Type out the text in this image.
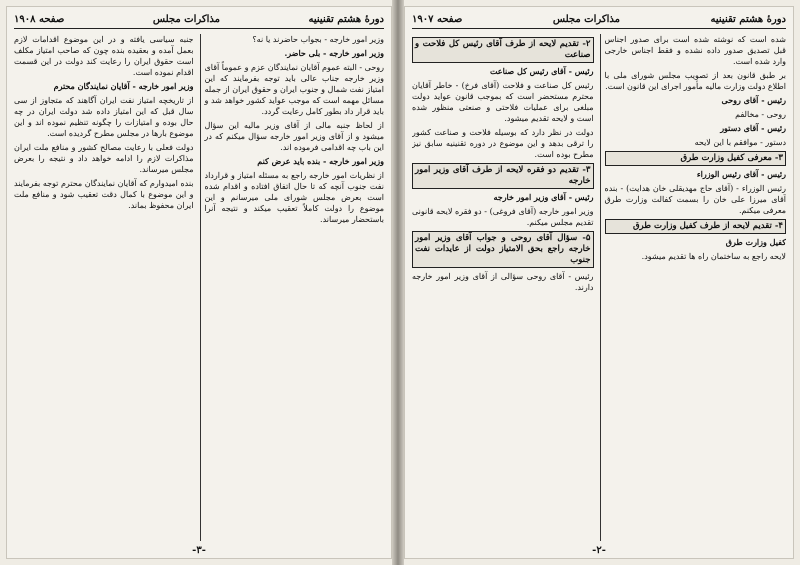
دورهٔ هشتم تقنینیه
مذاکرات مجلس
صفحه ۱۹۰۸

وزیر امور خارجه - بجواب حاضرند یا نه؟

وزیر امور خارجه - بلی حاضر.

روحی - البته عموم آقایان نمایندگان عزم و عموماً آقای وزیر خارجه جناب عالی باید توجه بفرمایند که این امتیاز نفت شمال و جنوب ایران و حقوق ایران از جمله مسائل مهمه است که موجب عواید کشور خواهد شد و باید قرار داد بطور کامل رعایت گردد.

از لحاظ جنبه مالی از آقای وزیر مالیه این سؤال میشود و از آقای وزیر امور خارجه سؤال میکنم که در این باب چه اقدامی فرموده اند.

وزیر امور خارجه - بنده باید عرض کنم

از نظریات امور خارجه راجع به مسئله امتیاز و قرارداد نفت جنوب آنچه که تا حال اتفاق افتاده و اقدام شده است بعرض مجلس شورای ملی میرسانم و این موضوع را دولت کاملاً تعقیب میکند و نتیجه آنرا باستحضار میرساند.

جنبه سیاسی یافته و در این موضوع اقدامات لازم بعمل آمده و بعقیده بنده چون که صاحب امتیاز مکلف است حقوق ایران را رعایت کند دولت در این قسمت اقدام نموده است.

وزیر امور خارجه - آقایان نمایندگان محترم

از تاریخچه امتیاز نفت ایران آگاهند که متجاوز از سی سال قبل که این امتیاز داده شد دولت ایران در چه حال بوده و امتیازات را چگونه تنظیم نموده اند و این موضوع بارها در مجلس مطرح گردیده است.

دولت فعلی با رعایت مصالح کشور و منافع ملت ایران مذاکرات لازم را ادامه خواهد داد و نتیجه را بعرض مجلس میرساند.

بنده امیدوارم که آقایان نمایندگان محترم توجه بفرمایند و این موضوع با کمال دقت تعقیب شود و منافع ملت ایران محفوظ بماند.

-۳-
دورهٔ هشتم تقنینیه
مذاکرات مجلس
صفحه ۱۹۰۷

شده است که نوشته شده است برای صدور اجناس قبل تصدیق صدور داده نشده و فقط اجناس خارجی وارد شده است.

بر طبق قانون بعد از تصویب مجلس شورای ملی با اطلاع دولت وزارت مالیه مأمور اجرای این قانون است.

رئیس - آقای روحی

روحی - مخالفم

رئیس - آقای دستور

دستور - موافقم با این لایحه

۳- معرفی کفیل وزارت طرق

رئیس - آقای رئیس الوزراء

رئیس الوزراء - (آقای حاج مهدیقلی خان هدایت) - بنده آقای میرزا علی خان را بسمت کفالت وزارت طرق معرفی میکنم.

۴- تقدیم لایحه از طرف کفیل وزارت طرق

کفیل وزارت طرق

لایحه راجع به ساختمان راه ها تقدیم میشود.

۲- تقدیم لایحه از طرف آقای رئیس کل فلاحت و صناعت

رئیس - آقای رئیس کل صناعت

رئیس کل صناعت و فلاحت (آقای فرخ) - خاطر آقایان محترم مستحضر است که بموجب قانون عواید دولت مبلغی برای عملیات فلاحتی و صنعتی منظور شده است و لایحه تقدیم میشود.

دولت در نظر دارد که بوسیله فلاحت و صناعت کشور را ترقی بدهد و این موضوع در دوره تقنینیه سابق نیز مطرح بوده است.

۳- تقدیم دو فقره لایحه از طرف آقای وزیر امور خارجه

رئیس - آقای وزیر امور خارجه

وزیر امور خارجه (آقای فروغی) - دو فقره لایحه قانونی تقدیم مجلس میکنم.

۵- سؤال آقای روحی و جواب آقای وزیر امور خارجه راجع بحق الامتیاز دولت از عایدات نفت جنوب

رئیس - آقای روحی سؤالی از آقای وزیر امور خارجه دارند.

-۲-
